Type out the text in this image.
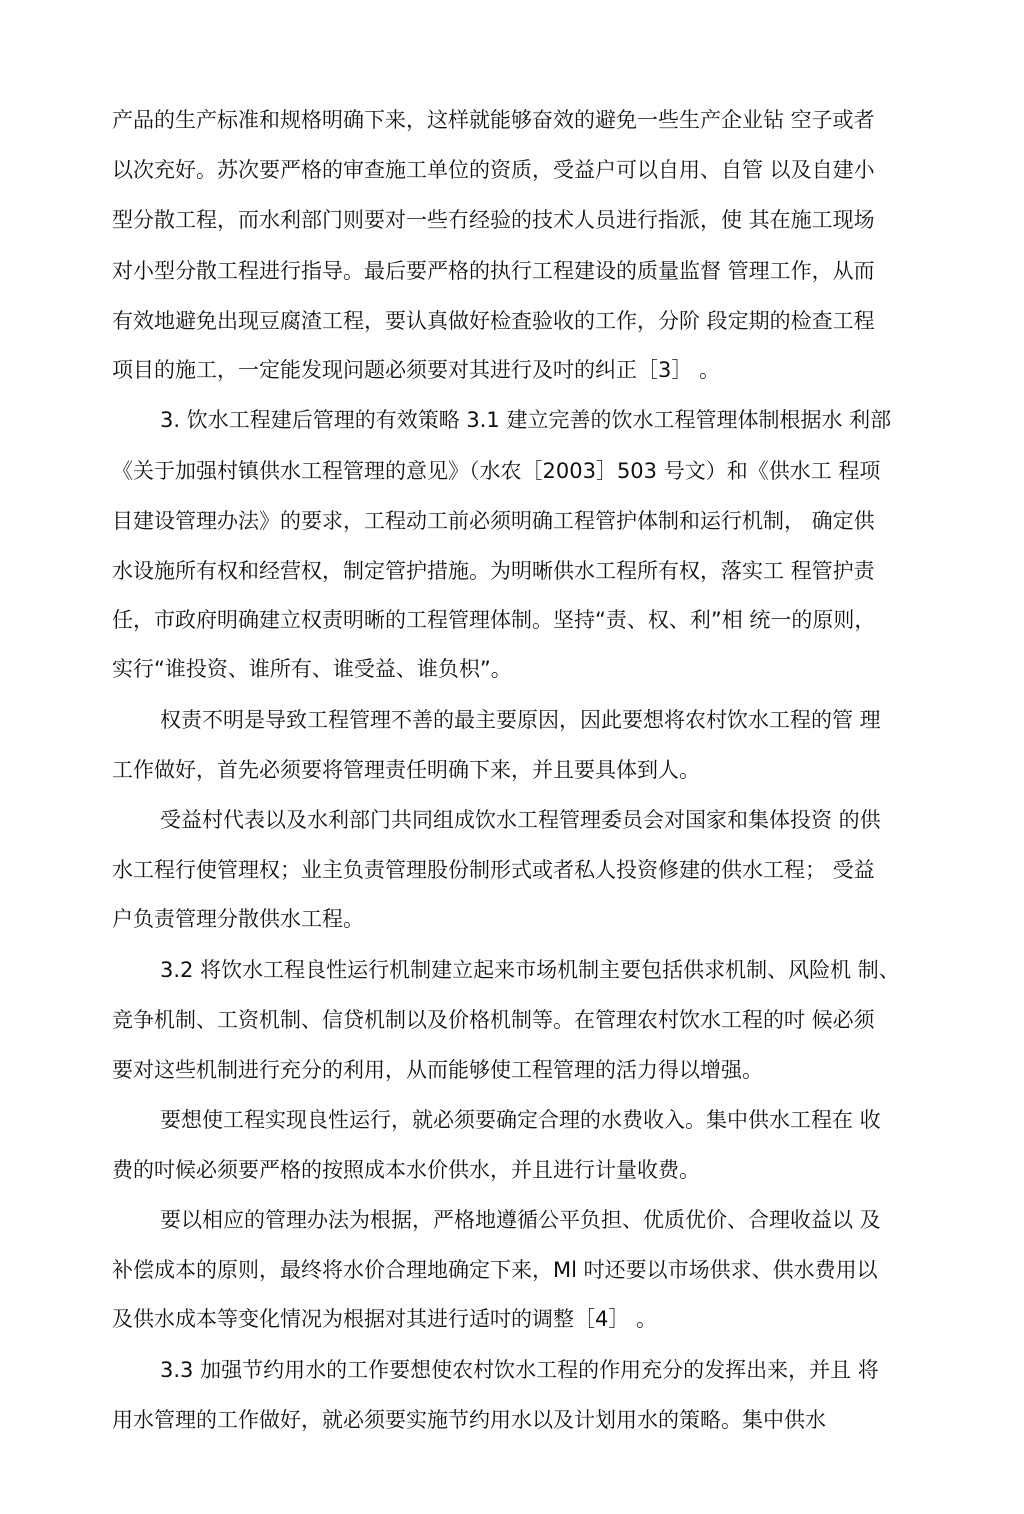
产品的生产标准和规格明确下来，这样就能够奋效的避免一些生产企业钻 空子或者
以次充好。苏次要严格的审查施工单位的资质，受益户可以自用、自管 以及自建小
型分散工程，而水利部门则要对一些冇经验的技术人员进行指派，使 其在施工现场
对小型分散工程进行指导。最后要严格的执行工程建设的质量监督 管理工作，从而
有效地避免出现豆腐渣工程，要认真做好检査验收的工作，分阶 段定期的检查工程
项目的施工，一定能发现问题必须要对其进行及吋的纠正［3］ 。
3. 饮水工程建后管理的有效策略 3.1 建立完善的饮水工程管理体制根据水 利部
《关于加强村镇供水工程管理的意见》（水农［2003］503 号文）和《供水工 程项
目建设管理办法》的要求，工程动工前必须明确工程管护体制和运行机制， 确定供
水设施所有权和经营权，制定管护措施。为明晰供水工程所有权，落实工 程管护责
任，市政府明确建立权责明晰的工程管理体制。坚持“责、权、利”相 统一的原则，
实行“谁投资、谁所有、谁受益、谁负枳”。
权责不明是导致工程管理不善的最主要原因，因此要想将农村饮水工程的管 理
工作做好，首先必须要将管理责任明确下来，并且要具体到人。
受益村代表以及水利部门共同组成饮水工程管理委员会对国家和集体投资 的供
水工程行使管理权；业主负责管理股份制形式或者私人投资修建的供水工程； 受益
户负责管理分散供水工程。
3.2 将饮水工程良性运行机制建立起来市场机制主要包括供求机制、风险机 制、
竞争机制、工资机制、信贷机制以及价格机制等。在管理农村饮水工程的吋 候必须
要对这些机制进行充分的利用，从而能够使工程管理的活力得以增强。
要想使工程实现良性运行，就必须要确定合理的水费收入。集中供水工程在 收
费的吋候必须要严格的按照成本水价供水，并且进行计量收费。
要以相应的管理办法为根据，严格地遵循公平负担、优质优价、合理收益以 及
补偿成本的原则，最终将水价合理地确定下来，Ml 吋还要以市场供求、供水费用以
及供水成本等变化情况为根据对其进行适吋的调整［4］ 。
3.3 加强节约用水的工作要想使农村饮水工程的作用充分的发挥出来，并且 将
用水管理的工作做好，就必须要实施节约用水以及计划用水的策略。集中供水
